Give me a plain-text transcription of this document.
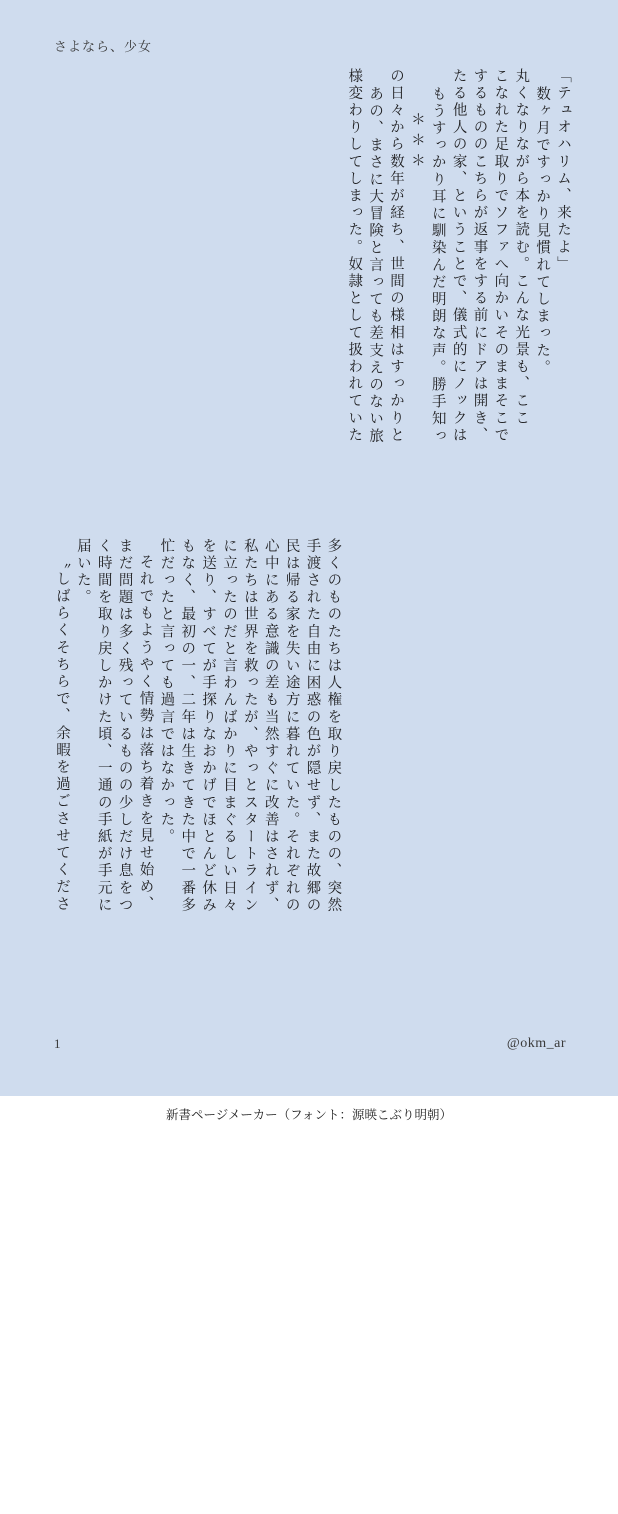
さよなら、少女
「テュオハリム、来たよ」
数ヶ月ですっかり見慣れてしまった。
丸くなりながら本を読む。こんな光景も、ここ
こなれた足取りでソファへ向かいそのままそこで
するもののこちらが返事をする前にドアは開き、
たる他人の家、ということで、儀式的にノックは
もうすっかり耳に馴染んだ明朗な声。勝手知っ
＊＊＊
の日々から数年が経ち、世間の様相はすっかりと
あの、まさに大冒険と言っても差支えのない旅
様変わりしてしまった。奴隷として扱われていた
多くのものたちは人権を取り戻したものの、突然
手渡された自由に困惑の色が隠せず、また故郷の
民は帰る家を失い途方に暮れていた。それぞれの
心中にある意識の差も当然すぐに改善はされず、
私たちは世界を救ったが、やっとスタートライン
に立ったのだと言わんばかりに目まぐるしい日々
を送り、すべてが手探りなおかげでほとんど休み
もなく、最初の一、二年は生きてきた中で一番多
忙だったと言っても過言ではなかった。
それでもようやく情勢は落ち着きを見せ始め、
まだ問題は多く残っているものの少しだけ息をつ
く時間を取り戻しかけた頃、一通の手紙が手元に
届いた。
〝しばらくそちらで、余暇を過ごさせてくださ
1	@okm_ar
新書ページメーカー（フォント：源暎こぶり明朝）
